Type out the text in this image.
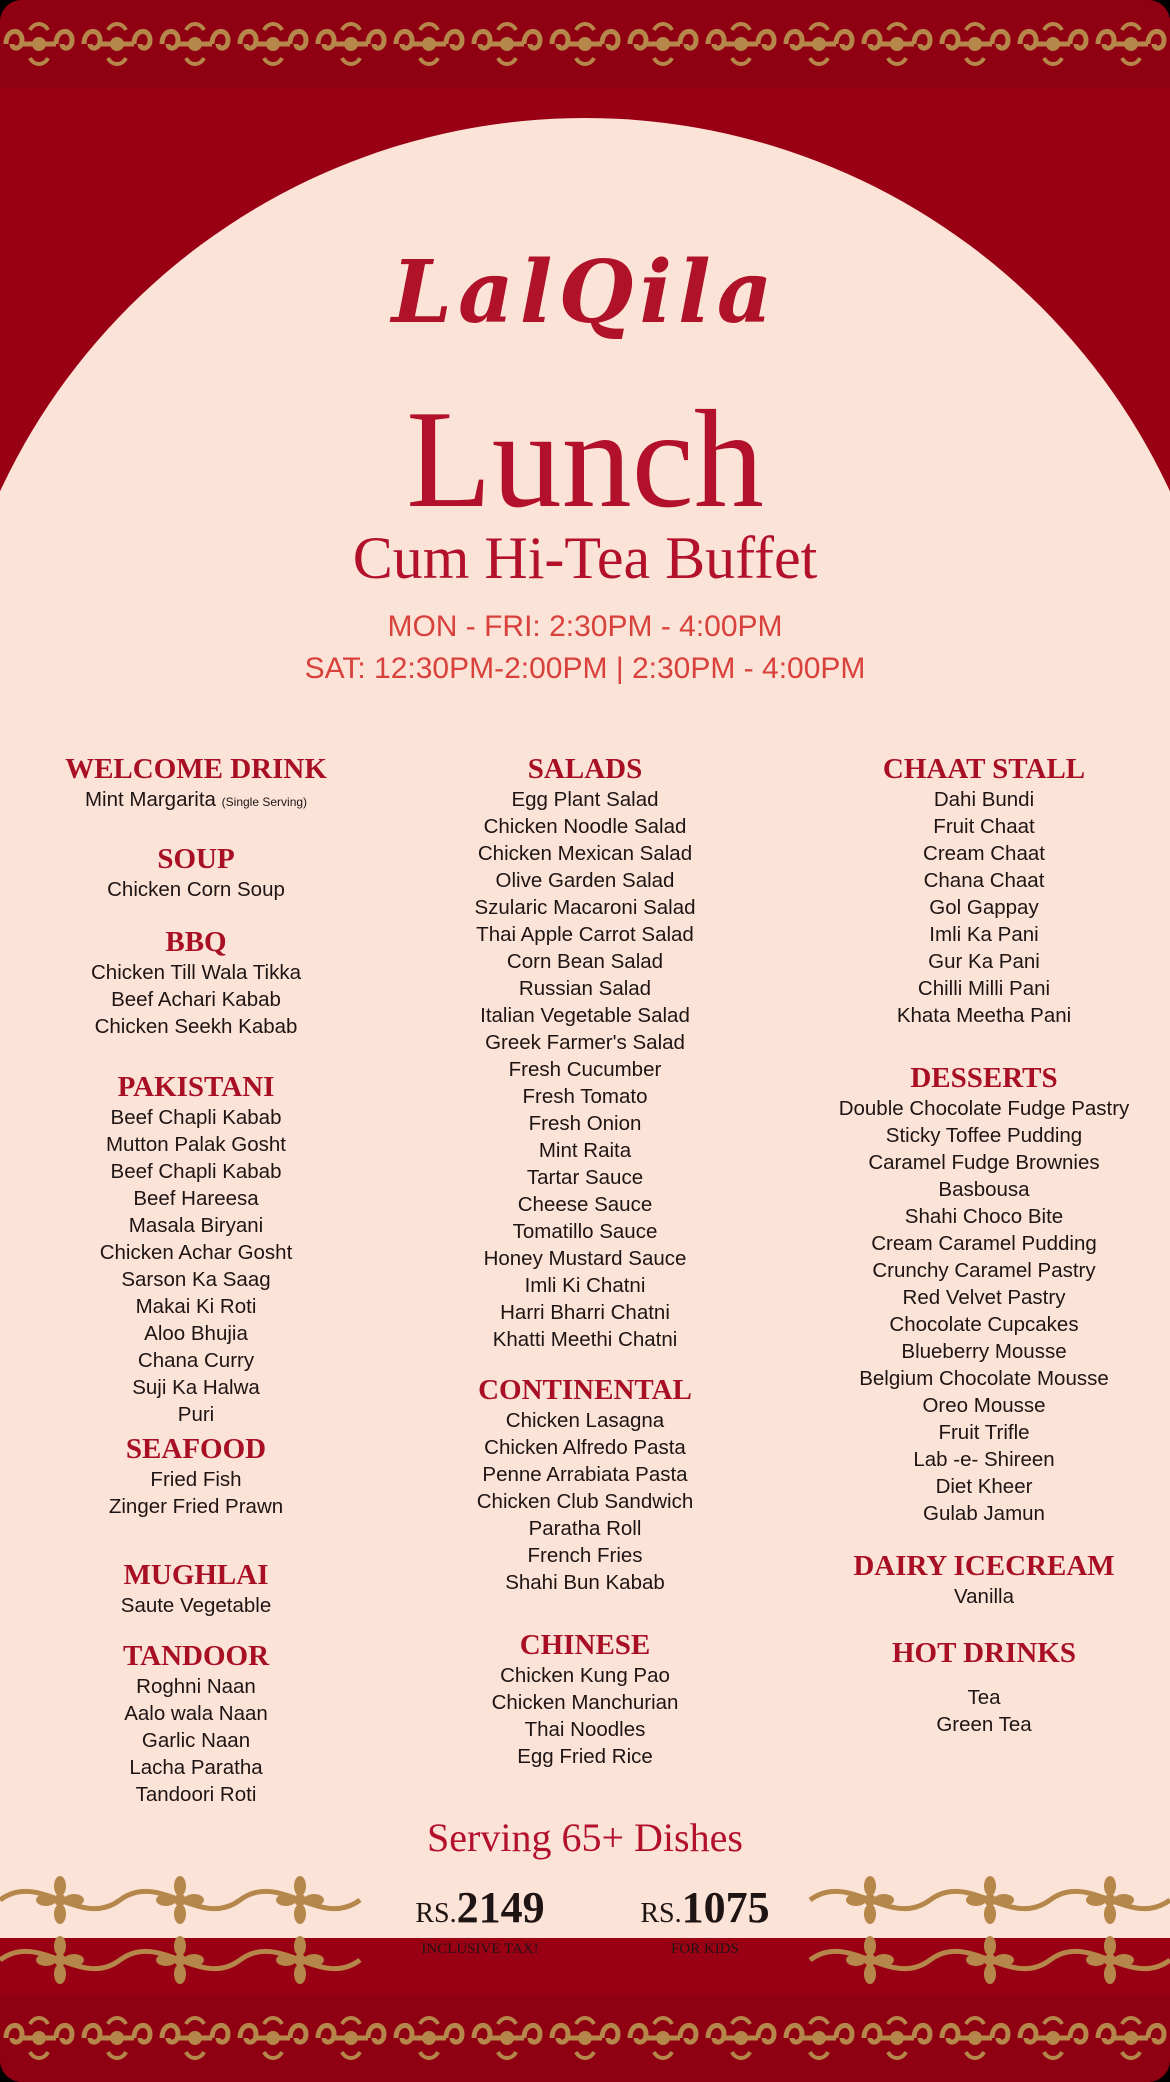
LalQila
Lunch
Cum Hi-Tea Buffet
MON - FRI: 2:30PM - 4:00PM
SAT: 12:30PM-2:00PM | 2:30PM - 4:00PM
WELCOME DRINK
Mint Margarita (Single Serving)
SOUP
Chicken Corn Soup
BBQ
Chicken Till Wala Tikka
Beef Achari Kabab
Chicken Seekh Kabab
PAKISTANI
Beef Chapli Kabab
Mutton Palak Gosht
Beef Chapli Kabab
Beef Hareesa
Masala Biryani
Chicken Achar Gosht
Sarson Ka Saag
Makai Ki Roti
Aloo Bhujia
Chana Curry
Suji Ka Halwa
Puri
SEAFOOD
Fried Fish
Zinger Fried Prawn
MUGHLAI
Saute Vegetable
TANDOOR
Roghni Naan
Aalo wala Naan
Garlic Naan
Lacha Paratha
Tandoori Roti
SALADS
Egg Plant Salad
Chicken Noodle Salad
Chicken Mexican Salad
Olive Garden Salad
Szularic Macaroni Salad
Thai Apple Carrot Salad
Corn Bean Salad
Russian Salad
Italian Vegetable Salad
Greek Farmer's Salad
Fresh Cucumber
Fresh Tomato
Fresh Onion
Mint Raita
Tartar Sauce
Cheese Sauce
Tomatillo Sauce
Honey Mustard Sauce
Imli Ki Chatni
Harri Bharri Chatni
Khatti Meethi Chatni
CONTINENTAL
Chicken Lasagna
Chicken Alfredo Pasta
Penne Arrabiata Pasta
Chicken Club Sandwich
Paratha Roll
French Fries
Shahi Bun Kabab
CHINESE
Chicken Kung Pao
Chicken Manchurian
Thai Noodles
Egg Fried Rice
CHAAT STALL
Dahi Bundi
Fruit Chaat
Cream Chaat
Chana Chaat
Gol Gappay
Imli Ka Pani
Gur Ka Pani
Chilli Milli Pani
Khata Meetha Pani
DESSERTS
Double Chocolate Fudge Pastry
Sticky Toffee Pudding
Caramel Fudge Brownies
Basbousa
Shahi Choco Bite
Cream Caramel Pudding
Crunchy Caramel Pastry
Red Velvet Pastry
Chocolate Cupcakes
Blueberry Mousse
Belgium Chocolate Mousse
Oreo Mousse
Fruit Trifle
Lab -e- Shireen
Diet Kheer
Gulab Jamun
DAIRY ICECREAM
Vanilla
HOT DRINKS
Tea
Green Tea
Serving 65+ Dishes
RS.2149
INCLUSIVE TAX!
RS.1075
FOR KIDS
